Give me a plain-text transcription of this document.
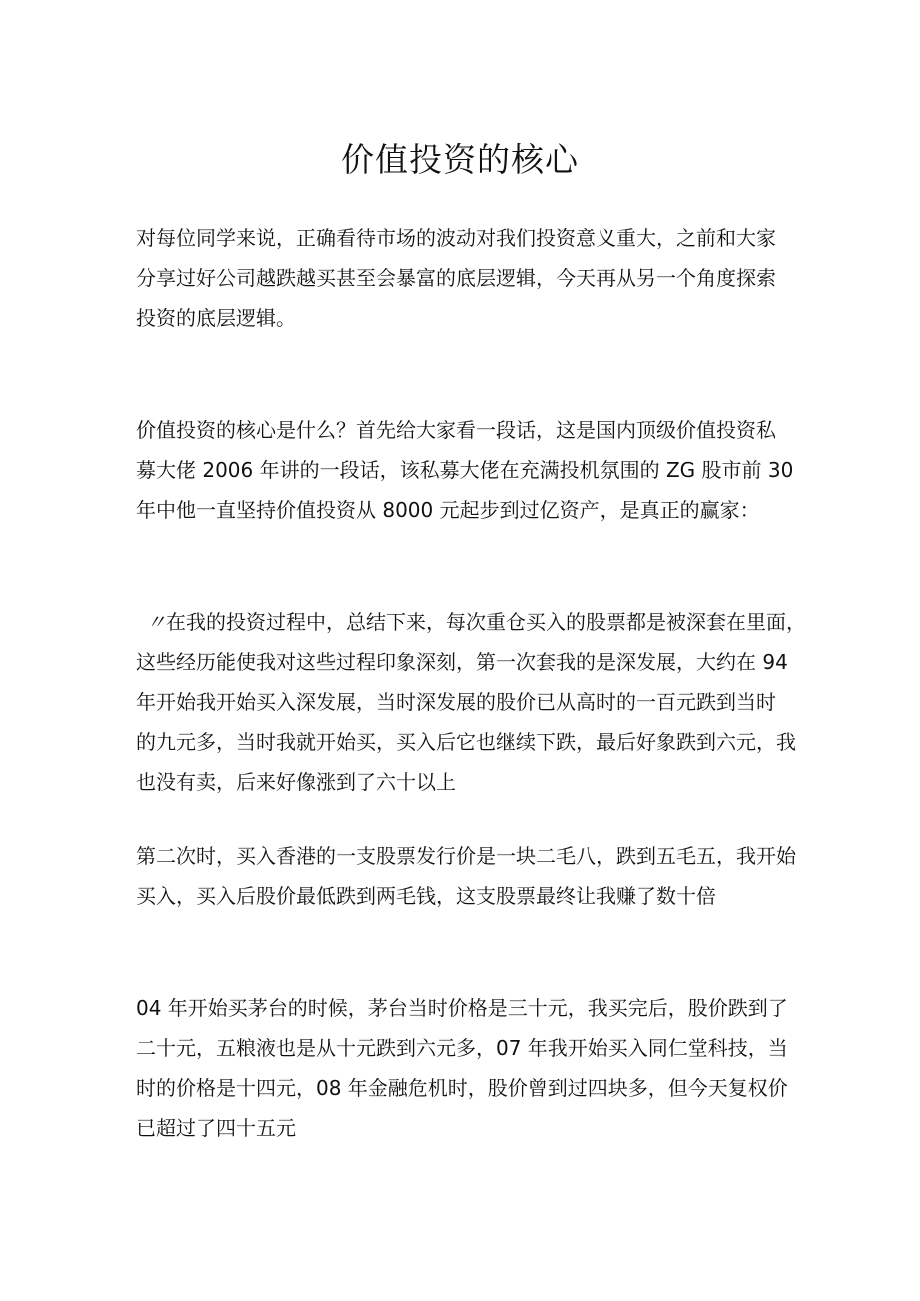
价值投资的核心
对每位同学来说，正确看待市场的波动对我们投资意义重大，之前和大家
分享过好公司越跌越买甚至会暴富的底层逻辑，今天再从另一个角度探索
投资的底层逻辑。
价值投资的核心是什么？首先给大家看一段话，这是国内顶级价值投资私
募大佬 2006 年讲的一段话，该私募大佬在充满投机氛围的 ZG 股市前 30
年中他一直坚持价值投资从 8000 元起步到过亿资产，是真正的赢家：
〃在我的投资过程中，总结下来，每次重仓买入的股票都是被深套在里面，
这些经历能使我对这些过程印象深刻，第一次套我的是深发展，大约在 94
年开始我开始买入深发展，当时深发展的股价已从高时的一百元跌到当时
的九元多，当时我就开始买，买入后它也继续下跌，最后好象跌到六元，我
也没有卖，后来好像涨到了六十以上
第二次时，买入香港的一支股票发行价是一块二毛八，跌到五毛五，我开始
买入，买入后股价最低跌到两毛钱，这支股票最终让我赚了数十倍
04 年开始买茅台的时候，茅台当时价格是三十元，我买完后，股价跌到了
二十元，五粮液也是从十元跌到六元多，07 年我开始买入同仁堂科技，当
时的价格是十四元，08 年金融危机时，股价曾到过四块多，但今天复权价
已超过了四十五元
